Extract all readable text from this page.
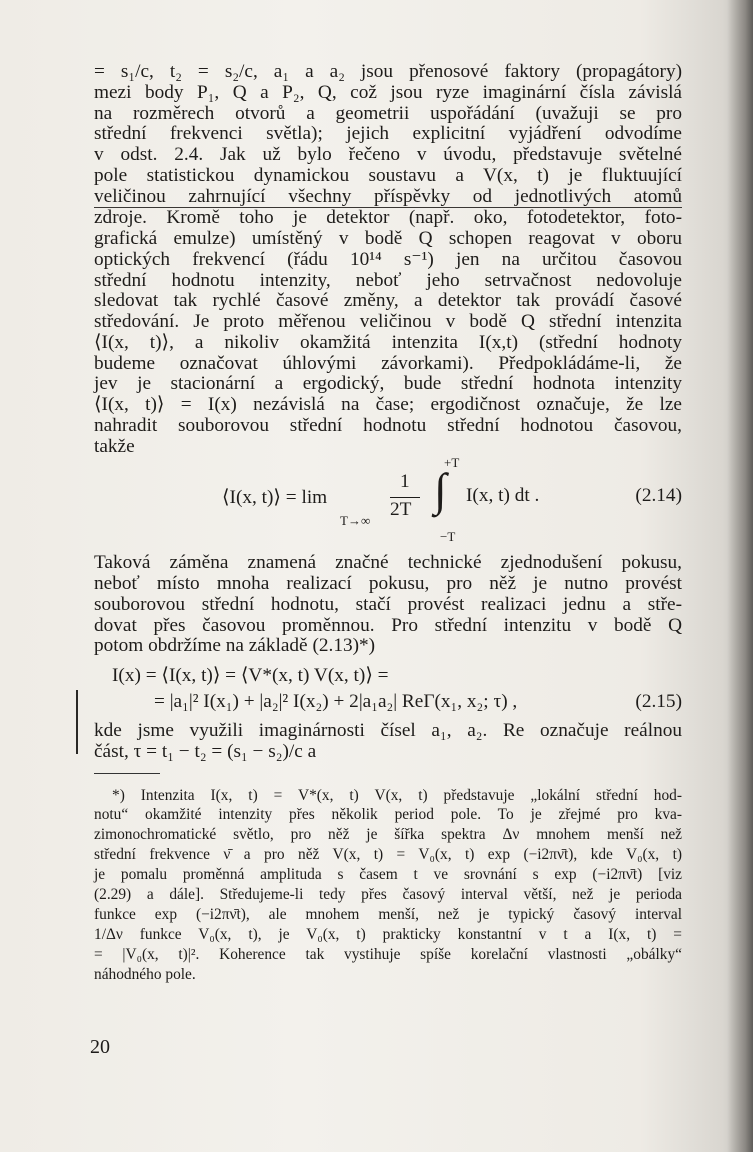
= s₁/c, t₂ = s₂/c, a₁ a a₂ jsou přenosové faktory (propagátory)
mezi body P₁, Q a P₂, Q, což jsou ryze imaginární čísla závislá
na rozměrech otvorů a geometrii uspořádání (uvažuji se pro
střední frekvenci světla); jejich explicitní vyjádření odvodíme
v odst. 2.4. Jak už bylo řečeno v úvodu, představuje světelné
pole statistickou dynamickou soustavu a V(x, t) je fluktuující
veličinou zahrnující všechny příspěvky od jednotlivých atomů
zdroje. Kromě toho je detektor (např. oko, fotodetektor, foto-
grafická emulze) umístěný v bodě Q schopen reagovat v oboru
optických frekvencí (řádu 10¹⁴ s⁻¹) jen na určitou časovou
střední hodnotu intenzity, neboť jeho setrvačnost nedovoluje
sledovat tak rychlé časové změny, a detektor tak provádí časové
středování. Je proto měřenou veličinou v bodě Q střední intenzita
⟨I(x, t)⟩, a nikoliv okamžitá intenzita I(x,t) (střední hodnoty
budeme označovat úhlovými závorkami). Předpokládáme-li, že
jev je stacionární a ergodický, bude střední hodnota intenzity
⟨I(x, t)⟩ = I(x) nezávislá na čase; ergodičnost označuje, že lze
nahradit souborovou střední hodnotu střední hodnotou časovou,
takže
⟨I(x, t)⟩ = lim
T→∞
1
2T
+T
∫
−T
I(x, t) dt .	(2.14)
Taková záměna znamená značné technické zjednodušení pokusu,
neboť místo mnoha realizací pokusu, pro něž je nutno provést
souborovou střední hodnotu, stačí provést realizaci jednu a stře-
dovat přes časovou proměnnou. Pro střední intenzitu v bodě Q
potom obdržíme na základě (2.13)*)
I(x) = ⟨I(x, t)⟩ = ⟨V*(x, t) V(x, t)⟩ =
= |a₁|² I(x₁) + |a₂|² I(x₂) + 2|a₁a₂| ReΓ(x₁, x₂; τ) ,	(2.15)
kde jsme využili imaginárnosti čísel a₁, a₂. Re označuje reálnou
část, τ = t₁ − t₂ = (s₁ − s₂)/c a
*) Intenzita I(x, t) = V*(x, t) V(x, t) představuje „lokální střední hod-
notu“ okamžité intenzity přes několik period pole. To je zřejmé pro kva-
zimonochromatické světlo, pro něž je šířka spektra Δν mnohem menší než
střední frekvence ν̄ a pro něž V(x, t) = V₀(x, t) exp (−i2πν̄t), kde V₀(x, t)
je pomalu proměnná amplituda s časem t ve srovnání s exp (−i2πν̄t) [viz
(2.29) a dále]. Středujeme-li tedy přes časový interval větší, než je perioda
funkce exp (−i2πν̄t), ale mnohem menší, než je typický časový interval
1/Δν funkce V₀(x, t), je V₀(x, t) prakticky konstantní v t a I(x, t) =
= |V₀(x, t)|². Koherence tak vystihuje spíše korelační vlastnosti „obálky“
náhodného pole.
20
